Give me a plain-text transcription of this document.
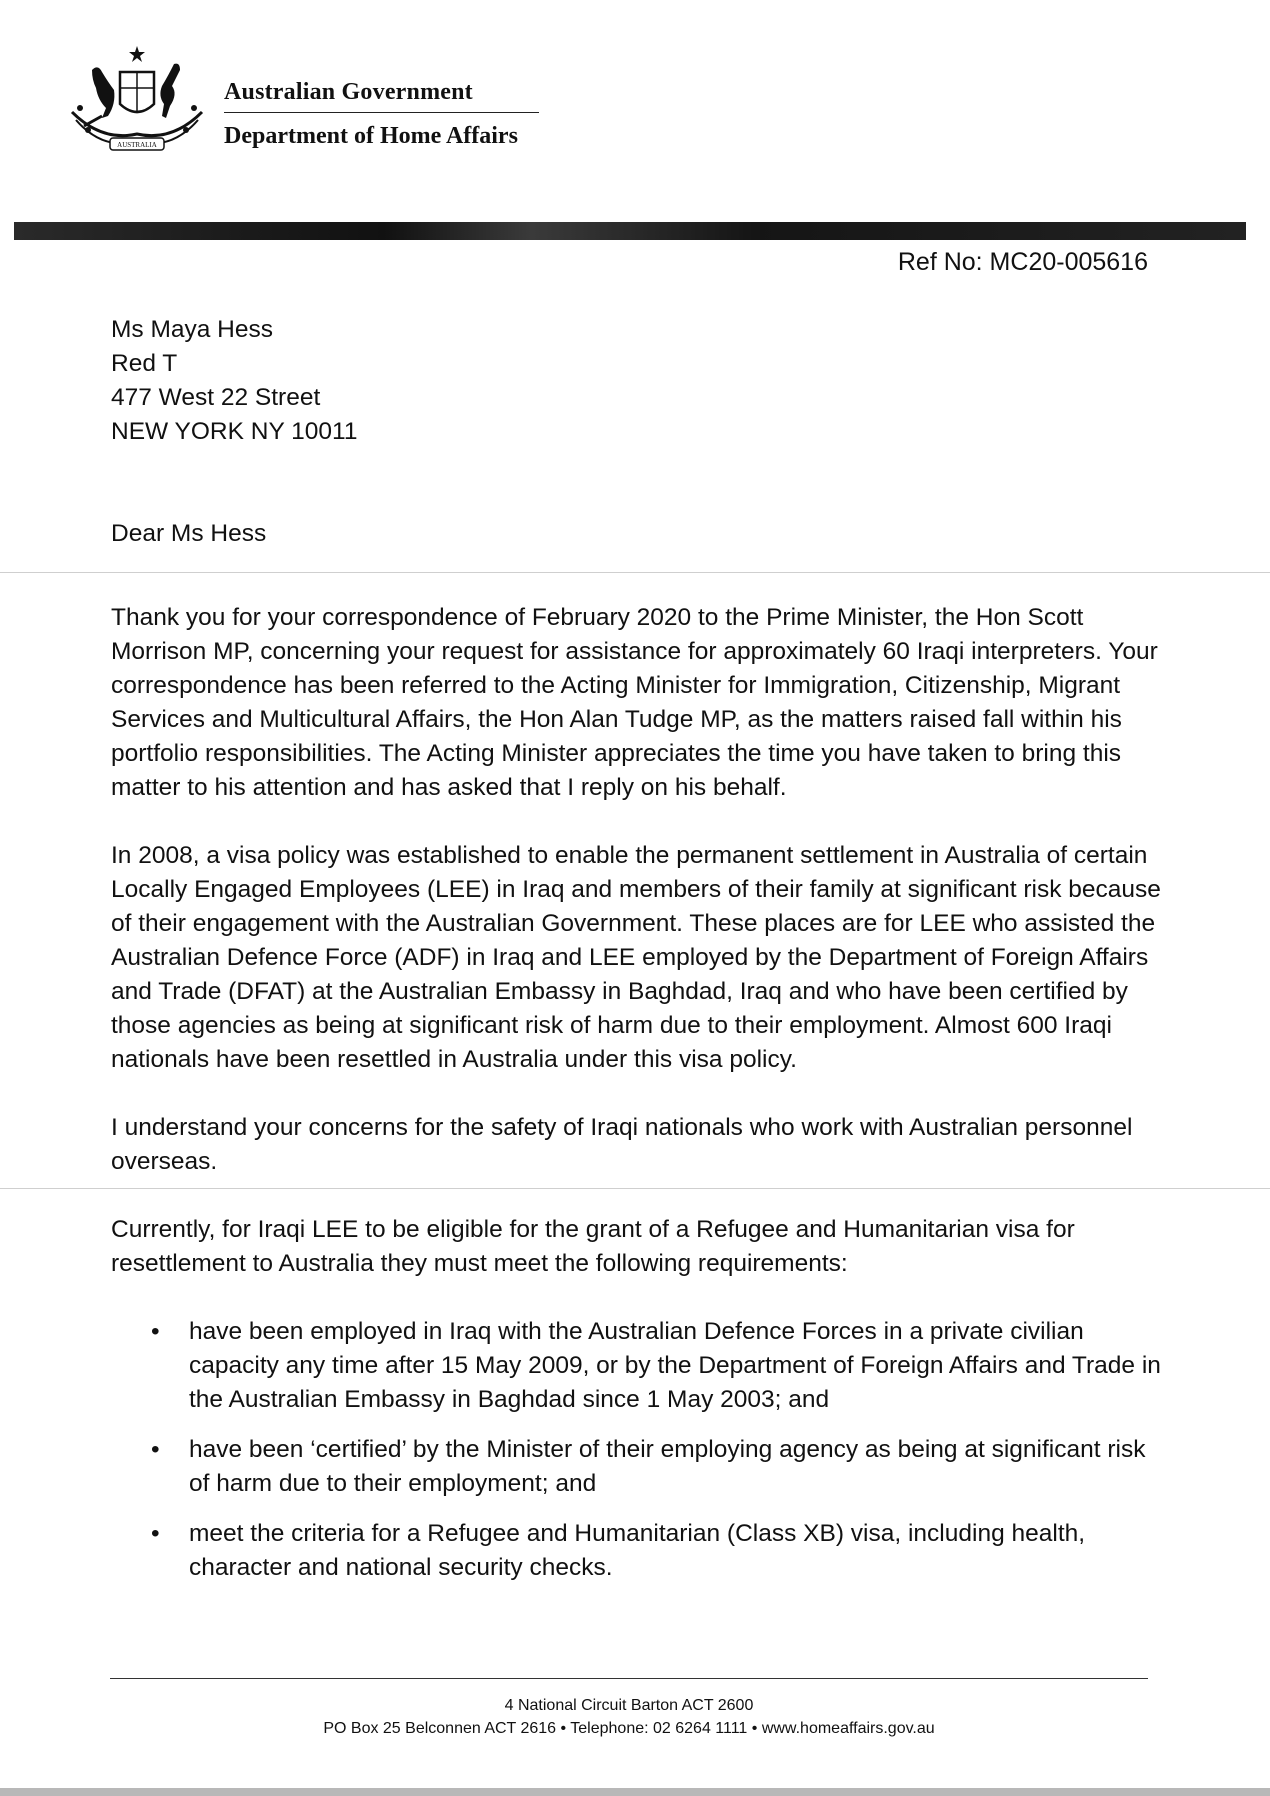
AUSTRALIA
Australian Government
Department of Home Affairs
Ref No: MC20-005616
Ms Maya Hess
Red T
477 West 22 Street
NEW YORK NY 10011
Dear Ms Hess

Thank you for your correspondence of February 2020 to the Prime Minister, the Hon Scott Morrison MP, concerning your request for assistance for approximately 60 Iraqi interpreters. Your correspondence has been referred to the Acting Minister for Immigration, Citizenship, Migrant Services and Multicultural Affairs, the Hon Alan Tudge MP, as the matters raised fall within his portfolio responsibilities. The Acting Minister appreciates the time you have taken to bring this matter to his attention and has asked that I reply on his behalf.

In 2008, a visa policy was established to enable the permanent settlement in Australia of certain Locally Engaged Employees (LEE) in Iraq and members of their family at significant risk because of their engagement with the Australian Government. These places are for LEE who assisted the Australian Defence Force (ADF) in Iraq and LEE employed by the Department of Foreign Affairs and Trade (DFAT) at the Australian Embassy in Baghdad, Iraq and who have been certified by those agencies as being at significant risk of harm due to their employment. Almost 600 Iraqi nationals have been resettled in Australia under this visa policy.

I understand your concerns for the safety of Iraqi nationals who work with Australian personnel overseas.

Currently, for Iraqi LEE to be eligible for the grant of a Refugee and Humanitarian visa for resettlement to Australia they must meet the following requirements:

• have been employed in Iraq with the Australian Defence Forces in a private civilian capacity any time after 15 May 2009, or by the Department of Foreign Affairs and Trade in the Australian Embassy in Baghdad since 1 May 2003; and
• have been ‘certified’ by the Minister of their employing agency as being at significant risk of harm due to their employment; and
• meet the criteria for a Refugee and Humanitarian (Class XB) visa, including health, character and national security checks.
4 National Circuit Barton ACT 2600
PO Box 25 Belconnen ACT 2616 • Telephone: 02 6264 1111 • www.homeaffairs.gov.au
